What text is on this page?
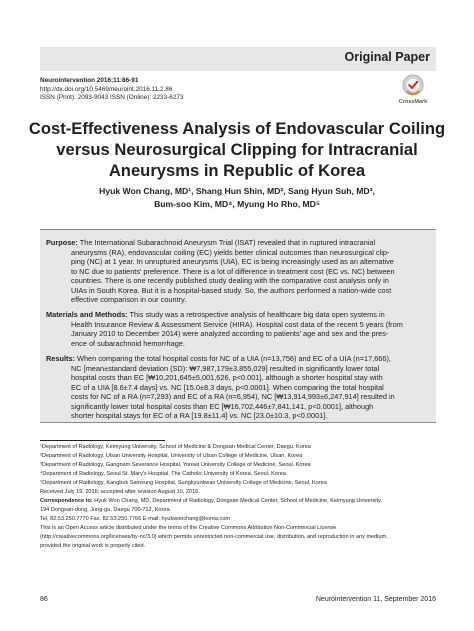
Original Paper
Neurointervention 2016;11:86-91
http://dx.doi.org/10.5469/neuroint.2016.11.2.86
ISSN (Print): 2093-9043 ISSN (Online): 2233-6273
CrossMark
Cost-Effectiveness Analysis of Endovascular Coiling
versus Neurosurgical Clipping for Intracranial
Aneurysms in Republic of Korea
Hyuk Won Chang, MD¹, Shang Hun Shin, MD², Sang Hyun Suh, MD³,
Bum-soo Kim, MD⁴, Myung Ho Rho, MD⁵
Purpose: The International Subarachnoid Aneurysm Trial (ISAT) revealed that in ruptured intracranial
aneurysms (RA), endovascular coiling (EC) yields better clinical outcomes than neurosurgical clip-
ping (NC) at 1 year. In unruptured aneurysms (UIA), EC is being increasingly used as an alternative
to NC due to patients' preference. There is a lot of difference in treatment cost (EC vs. NC) between
countries. There is one recently published study dealing with the comparative cost analysis only in
UIAs in South Korea. But it is a hospital-based study. So, the authors performed a nation-wide cost
effective comparison in our country.
Materials and Methods: This study was a retrospective analysis of healthcare big data open systems in
Health Insurance Review & Assessment Service (HIRA). Hospital cost data of the recent 5 years (from
January 2010 to December 2014) were analyzed according to patients' age and sex and the pres-
ence of subarachnoid hemorrhage.
Results: When comparing the total hospital costs for NC of a UIA (n=13,756) and EC of a UIA (n=17,666),
NC [mean±standard deviation (SD): ₩7,987,179±3,855,029] resulted in significantly lower total
hospital costs than EC [₩10,201,645±5,001,626, p<0.001], although a shorter hospital stay with
EC of a UIA [8.6±7.4 days] vs. NC [15.0±8.3 days, p<0.0001]. When comparing the total hospital
costs for NC of a RA (n=7,293) and EC of a RA (n=6,954), NC [₩13,914,993±6,247,914] resulted in
significantly lower total hospital costs than EC [₩16,702,446±7,841,141, p<0.0001], although
shorter hospital stays for EC of a RA [19.8±11.4] vs. NC [23.0±10.3, p<0.0001].
¹Department of Radiology, Keimyung University, School of Medicine & Dongsan Medical Center, Daegu, Korea
²Department of Radiology, Ulsan University Hospital, University of Ulsan College of Medicine, Ulsan, Korea
³Department of Radiology, Gangnam Severance Hospital, Yonsei University College of Medicine, Seoul, Korea
⁴Department of Radiology, Seoul St. Mary's Hospital, The Catholic University of Korea, Seoul, Korea
⁵Department of Radiology, Kangbuk Samsung Hospital, Sungkyunkwan University College of Medicine, Seoul, Korea
Received July 19, 2016; accepted after revision August 10, 2016.
Correspondence to: Hyuk Won Chang, MD, Department of Radiology, Dongsan Medical Center, School of Medicine, Keimyung University,
194 Dongsan-dong, Jung-gu, Daegu 700-712, Korea.
Tel. 82.53.250.7770 Fax. 82.53.250.7766 E-mail: hyukwonchang@korea.com
This is an Open Access article distributed under the terms of the Creative Commons Attribution Non-Commercial License
(http://creativecommons.org/licenses/by-nc/3.0) which permits unrestricted non-commercial use, distribution, and reproduction in any medium,
provided the original work is properly cited.
86	Neurointervention 11, September 2016
